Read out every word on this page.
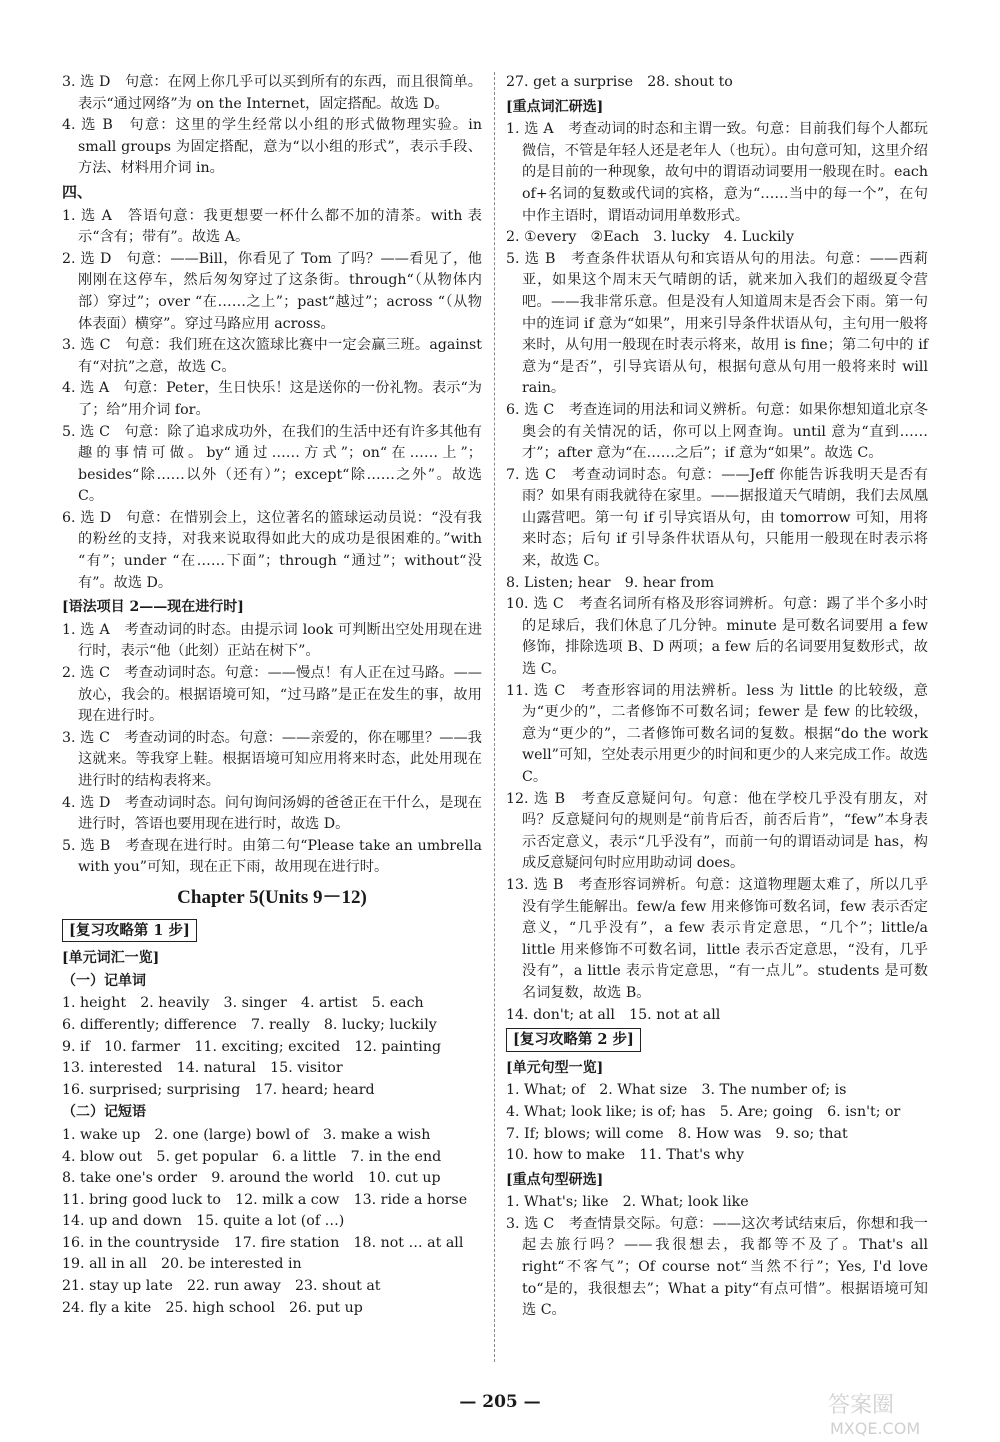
3. 选 D　句意：在网上你几乎可以买到所有的东西，而且很简单。表示“通过网络”为 on the Internet，固定搭配。故选 D。

4. 选 B　句意：这里的学生经常以小组的形式做物理实验。in small groups 为固定搭配，意为“以小组的形式”，表示手段、方法、材料用介词 in。

四、

1. 选 A　答语句意：我更想要一杯什么都不加的清茶。with 表示“含有；带有”。故选 A。

2. 选 D　句意：——Bill，你看见了 Tom 了吗？——看见了，他刚刚在这停车，然后匆匆穿过了这条街。through“（从物体内部）穿过”；over “在……之上”；past“越过”；across “（从物体表面）横穿”。穿过马路应用 across。

3. 选 C　句意：我们班在这次篮球比赛中一定会赢三班。against有“对抗”之意，故选 C。

4. 选 A　句意：Peter，生日快乐！这是送你的一份礼物。表示“为了；给”用介词 for。

5. 选 C　句意：除了追求成功外，在我们的生活中还有许多其他有趣的事情可做。by“通过……方式”；on“在……上”；besides“除……以外（还有）”；except“除……之外”。故选 C。

6. 选 D　句意：在惜别会上，这位著名的篮球运动员说：“没有我的粉丝的支持，对我来说取得如此大的成功是很困难的。”with “有”；under “在……下面”；through “通过”；without“没有”。故选 D。

[语法项目 2——现在进行时]

1. 选 A　考查动词的时态。由提示词 look 可判断出空处用现在进行时，表示“他（此刻）正站在树下”。

2. 选 C　考查动词时态。句意：——慢点！有人正在过马路。——放心，我会的。根据语境可知，“过马路”是正在发生的事，故用现在进行时。

3. 选 C　考查动词的时态。句意：——亲爱的，你在哪里？——我这就来。等我穿上鞋。根据语境可知应用将来时态，此处用现在进行时的结构表将来。

4. 选 D　考查动词时态。问句询问汤姆的爸爸正在干什么，是现在进行时，答语也要用现在进行时，故选 D。

5. 选 B　考查现在进行时。由第二句“Please take an umbrella with you”可知，现在正下雨，故用现在进行时。

Chapter 5(Units 9－12)

[复习攻略第 1 步]

[单元词汇一览]

（一）记单词

1. height　2. heavily　3. singer　4. artist　5. each

6. differently; difference　7. really　8. lucky; luckily

9. if　10. farmer　11. exciting; excited　12. painting

13. interested　14. natural　15. visitor

16. surprised; surprising　17. heard; heard

（二）记短语

1. wake up　2. one (large) bowl of　3. make a wish

4. blow out　5. get popular　6. a little　7. in the end

8. take one's order　9. around the world　10. cut up

11. bring good luck to　12. milk a cow　13. ride a horse

14. up and down　15. quite a lot (of …)

16. in the countryside　17. fire station　18. not … at all

19. all in all　20. be interested in

21. stay up late　22. run away　23. shout at

24. fly a kite　25. high school　26. put up

27. get a surprise　28. shout to

[重点词汇研选]

1. 选 A　考查动词的时态和主谓一致。句意：目前我们每个人都玩微信，不管是年轻人还是老年人（也玩）。由句意可知，这里介绍的是目前的一种现象，故句中的谓语动词要用一般现在时。each of+名词的复数或代词的宾格，意为“……当中的每一个”，在句中作主语时，谓语动词用单数形式。

2. ①every　②Each　3. lucky　4. Luckily

5. 选 B　考查条件状语从句和宾语从句的用法。句意：——西莉亚，如果这个周末天气晴朗的话，就来加入我们的超级夏令营吧。——我非常乐意。但是没有人知道周末是否会下雨。第一句中的连词 if 意为“如果”，用来引导条件状语从句，主句用一般将来时，从句用一般现在时表示将来，故用 is fine；第二句中的 if 意为“是否”，引导宾语从句，根据句意从句用一般将来时 will rain。

6. 选 C　考查连词的用法和词义辨析。句意：如果你想知道北京冬奥会的有关情况的话，你可以上网查询。until 意为“直到……才”；after 意为“在……之后”；if 意为“如果”。故选 C。

7. 选 C　考查动词时态。句意：——Jeff 你能告诉我明天是否有雨？如果有雨我就待在家里。——据报道天气晴朗，我们去凤凰山露营吧。第一句 if 引导宾语从句，由 tomorrow 可知，用将来时态；后句 if 引导条件状语从句，只能用一般现在时表示将来，故选 C。

8. Listen; hear　9. hear from

10. 选 C　考查名词所有格及形容词辨析。句意：踢了半个多小时的足球后，我们休息了几分钟。minute 是可数名词要用 a few 修饰，排除选项 B、D 两项；a few 后的名词要用复数形式，故选 C。

11. 选 C　考查形容词的用法辨析。less 为 little 的比较级，意为“更少的”，二者修饰不可数名词；fewer 是 few 的比较级，意为“更少的”，二者修饰可数名词的复数。根据“do the work well”可知，空处表示用更少的时间和更少的人来完成工作。故选 C。

12. 选 B　考查反意疑问句。句意：他在学校几乎没有朋友，对吗？反意疑问句的规则是“前肯后否，前否后肯”，“few”本身表示否定意义，表示“几乎没有”，而前一句的谓语动词是 has，构成反意疑问句时应用助动词 does。

13. 选 B　考查形容词辨析。句意：这道物理题太难了，所以几乎没有学生能解出。few/a few 用来修饰可数名词，few 表示否定意义，“几乎没有”，a few 表示肯定意思，“几个”；little/a little 用来修饰不可数名词，little 表示否定意思，“没有，几乎没有”，a little 表示肯定意思，“有一点儿”。students 是可数名词复数，故选 B。

14. don't; at all　15. not at all

[复习攻略第 2 步]

[单元句型一览]

1. What; of　2. What size　3. The number of; is

4. What; look like; is of; has　5. Are; going　6. isn't; or

7. If; blows; will come　8. How was　9. so; that

10. how to make　11. That's why

[重点句型研选]

1. What's; like　2. What; look like

3. 选 C　考查情景交际。句意：——这次考试结束后，你想和我一起去旅行吗？——我很想去，我都等不及了。That's all right“不客气”；Of course not“当然不行”；Yes, I'd love to“是的，我很想去”；What a pity“有点可惜”。根据语境可知选 C。

— 205 —	答案圈
MXQE.COM
